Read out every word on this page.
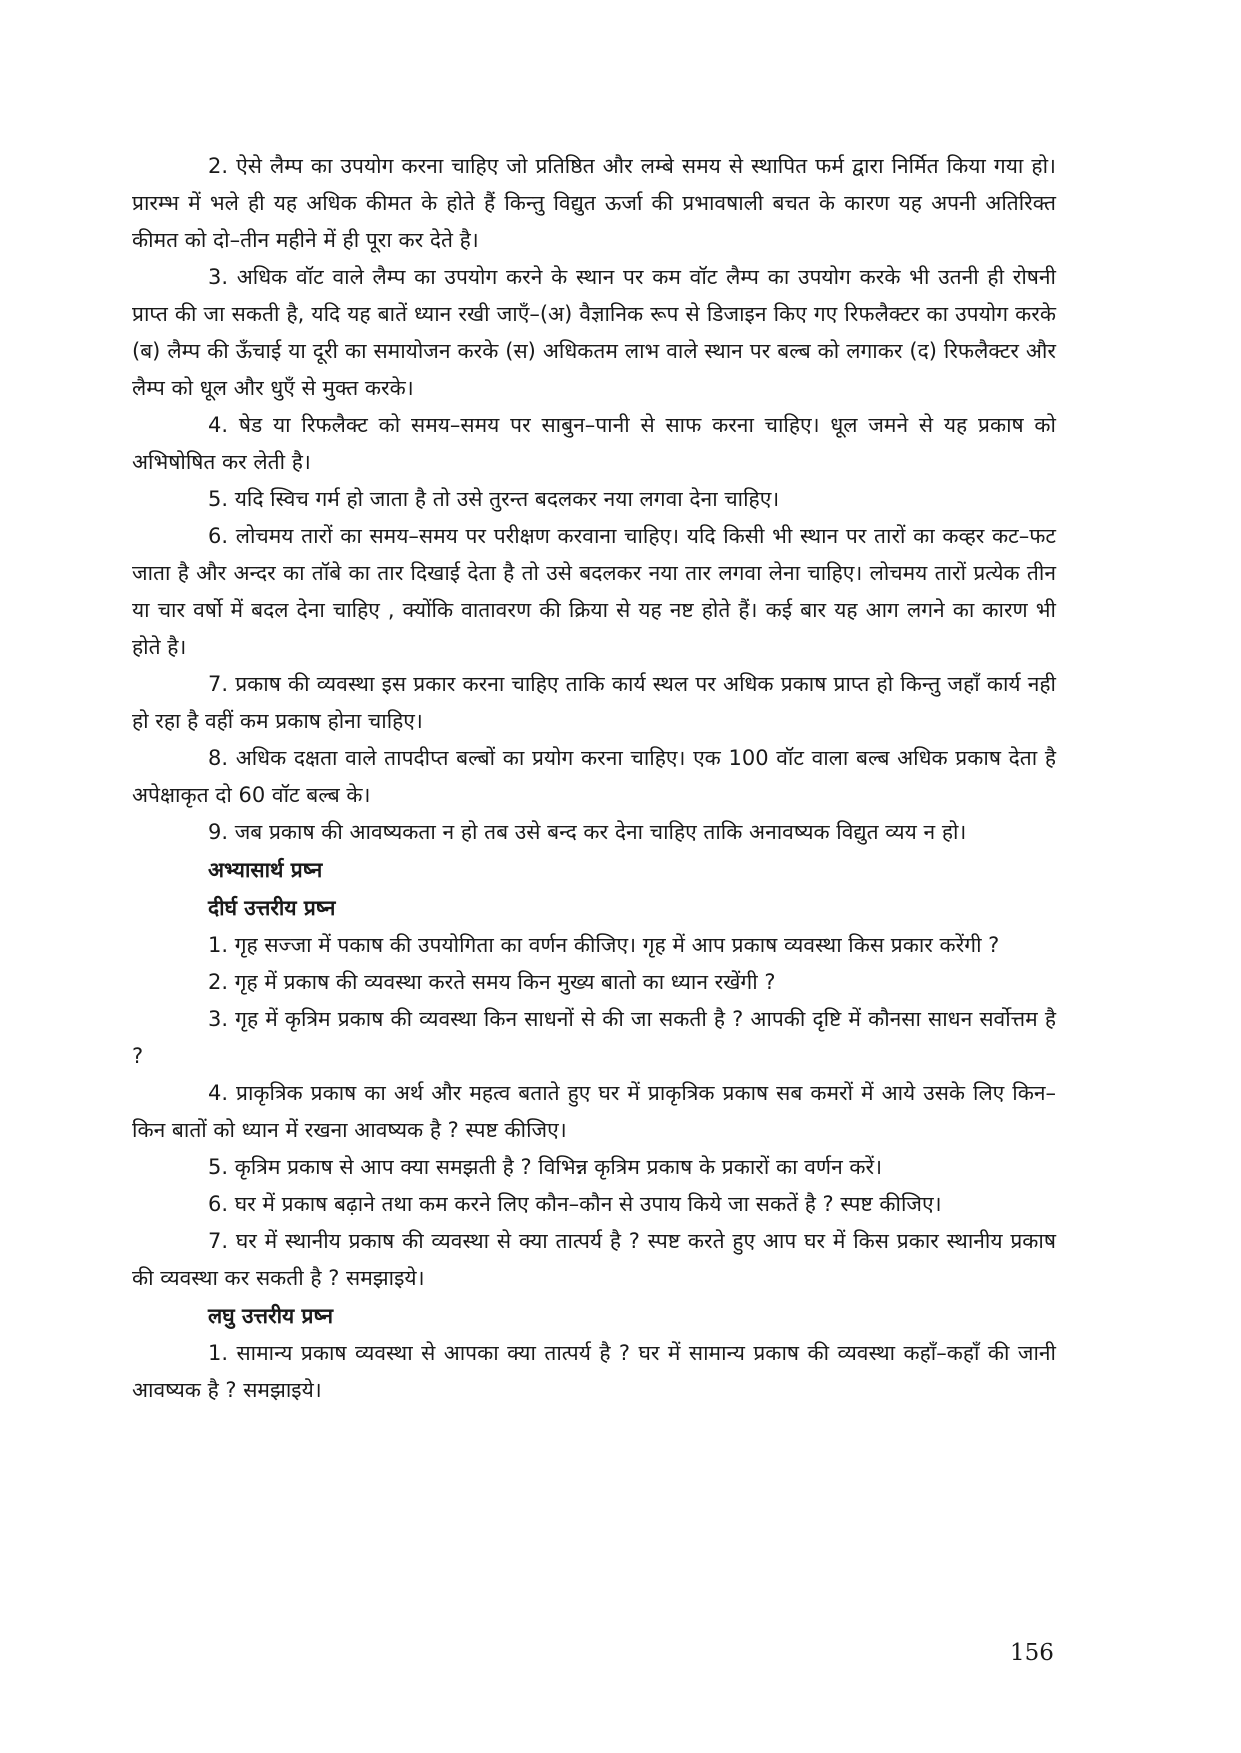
2. ऐसे लैम्प का उपयोग करना चाहिए जो प्रतिष्ठित और लम्बे समय से स्थापित फर्म द्वारा निर्मित किया गया हो। प्रारम्भ में भले ही यह अधिक कीमत के होते हैं किन्तु विद्युत ऊर्जा की प्रभावषाली बचत के कारण यह अपनी अतिरिक्त कीमत को दो–तीन महीने में ही पूरा कर देते है।

3. अधिक वॉट वाले लैम्प का उपयोग करने के स्थान पर कम वॉट लैम्प का उपयोग करके भी उतनी ही रोषनी प्राप्त की जा सकती है, यदि यह बातें ध्यान रखी जाएँ–(अ) वैज्ञानिक रूप से डिजाइन किए गए रिफलैक्टर का उपयोग करके (ब) लैम्प की ऊँचाई या दूरी का समायोजन करके (स) अधिकतम लाभ वाले स्थान पर बल्ब को लगाकर (द) रिफलैक्टर और लैम्प को धूल और धुएँ से मुक्त करके।

4. षेड या रिफलैक्ट को समय–समय पर साबुन–पानी से साफ करना चाहिए। धूल जमने से यह प्रकाष को अभिषोषित कर लेती है।

5. यदि स्विच गर्म हो जाता है तो उसे तुरन्त बदलकर नया लगवा देना चाहिए।

6. लोचमय तारों का समय–समय पर परीक्षण करवाना चाहिए। यदि किसी भी स्थान पर तारों का कव्हर कट–फट जाता है और अन्दर का तॉबे का तार दिखाई देता है तो उसे बदलकर नया तार लगवा लेना चाहिए। लोचमय तारों प्रत्येक तीन या चार वर्षो में बदल देना चाहिए , क्योंकि वातावरण की क्रिया से यह नष्ट होते हैं। कई बार यह आग लगने का कारण भी होते है।

7. प्रकाष की व्यवस्था इस प्रकार करना चाहिए ताकि कार्य स्थल पर अधिक प्रकाष प्राप्त हो किन्तु जहाँ कार्य नही हो रहा है वहीं कम प्रकाष होना चाहिए।

8. अधिक दक्षता वाले तापदीप्त बल्बों का प्रयोग करना चाहिए। एक 100 वॉट वाला बल्ब अधिक प्रकाष देता है अपेक्षाकृत दो 60 वॉट बल्ब के।

9. जब प्रकाष की आवष्यकता न हो तब उसे बन्द कर देना चाहिए ताकि अनावष्यक विद्युत व्यय न हो।

अभ्यासार्थ प्रष्न

दीर्घ उत्तरीय प्रष्न

1. गृह सज्जा में पकाष की उपयोगिता का वर्णन कीजिए। गृह में आप प्रकाष व्यवस्था किस प्रकार करेंगी ?

2. गृह में प्रकाष की व्यवस्था करते समय किन मुख्य बातो का ध्यान रखेंगी ?

3. गृह में कृत्रिम प्रकाष की व्यवस्था किन साधनों से की जा सकती है ? आपकी दृष्टि में कौनसा साधन सर्वोत्तम है ?

4. प्राकृत्रिक प्रकाष का अर्थ और महत्व बताते हुए घर में प्राकृत्रिक प्रकाष सब कमरों में आये उसके लिए किन–किन बातों को ध्यान में रखना आवष्यक है ? स्पष्ट कीजिए।

5. कृत्रिम प्रकाष से आप क्या समझती है ? विभिन्न कृत्रिम प्रकाष के प्रकारों का वर्णन करें।

6. घर में प्रकाष बढ़ाने तथा कम करने लिए कौन–कौन से उपाय किये जा सकतें है ? स्पष्ट कीजिए।

7. घर में स्थानीय प्रकाष की व्यवस्था से क्या तात्पर्य है ? स्पष्ट करते हुए आप घर में किस प्रकार स्थानीय प्रकाष की व्यवस्था कर सकती है ? समझाइये।

लघु उत्तरीय प्रष्न

1. सामान्य प्रकाष व्यवस्था से आपका क्या तात्पर्य है ? घर में सामान्य प्रकाष की व्यवस्था कहाँ–कहाँ की जानी आवष्यक है ? समझाइये।

156
